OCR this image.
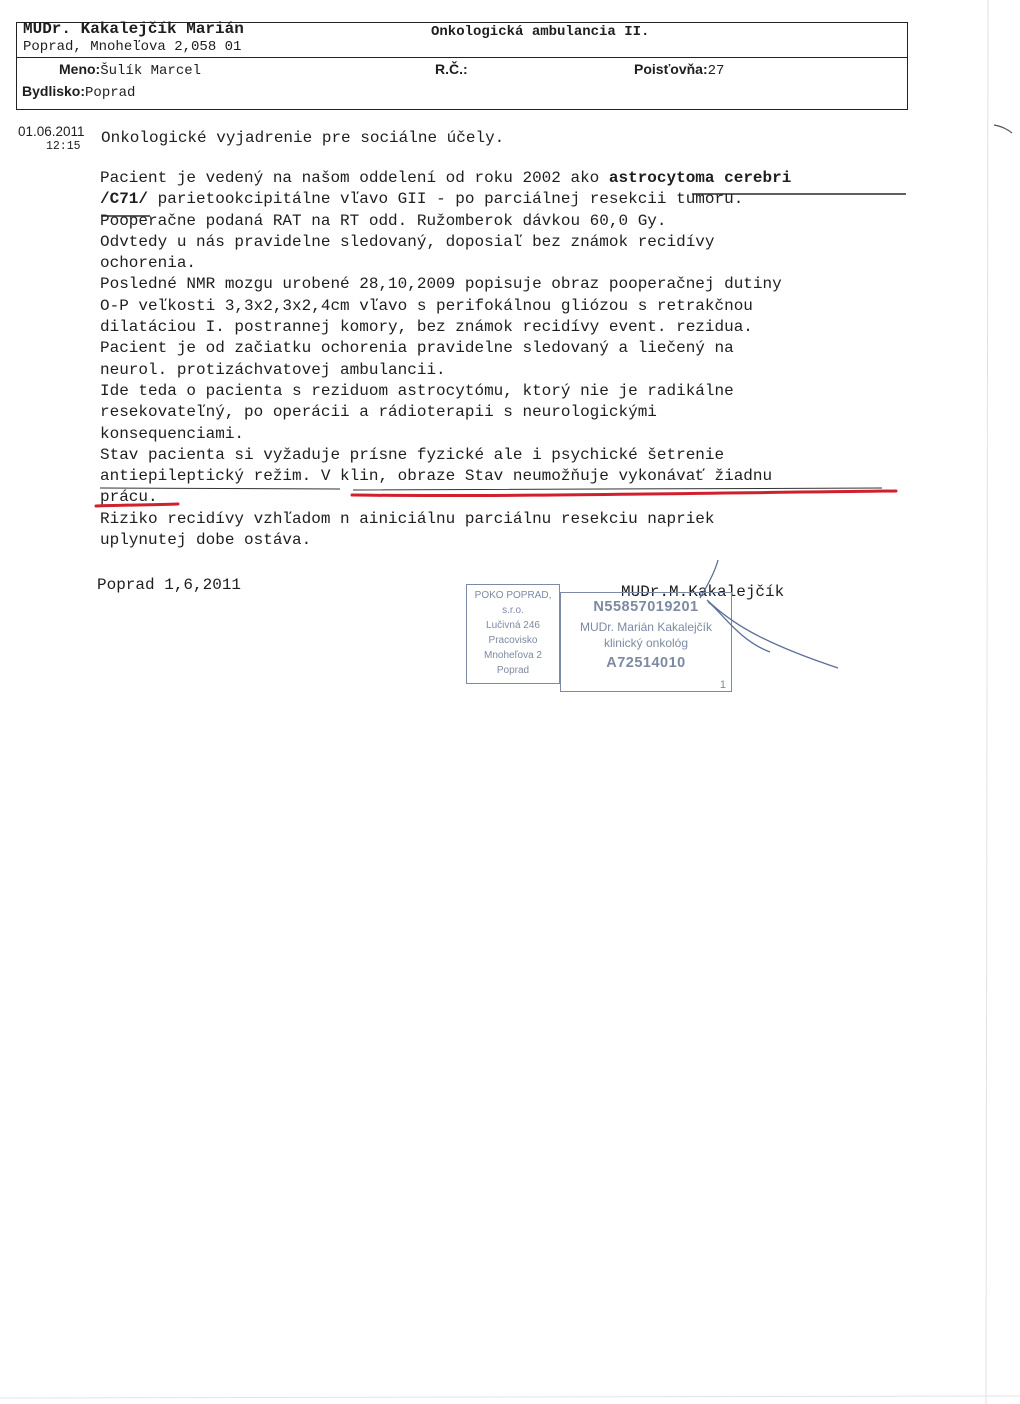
MUDr. Kakalejčík Marián
Poprad, Mnoheľova 2,058 01
Onkologická ambulancia II.
Meno:Šulík Marcel	R.Č.:	Poisťovňa:27
Bydlisko:Poprad
01.06.2011
12:15 Onkologické vyjadrenie pre sociálne účely.
Pacient je vedený na našom oddelení od roku 2002 ako astrocytoma cerebri
/C71/ parietookcipitálne vľavo GII - po parciálnej resekcii tumoru.
Pooperačne podaná RAT na RT odd. Ružomberok dávkou 60,0 Gy.
Odvtedy u nás pravidelne sledovaný, doposiaľ bez známok recidívy
ochorenia.
Posledné NMR mozgu urobené 28,10,2009 popisuje obraz pooperačnej dutiny
O-P veľkosti 3,3x2,3x2,4cm vľavo s perifokálnou gliózou s retrakčnou
dilatáciou I. postrannej komory, bez známok recidívy event. rezidua.
Pacient je od začiatku ochorenia pravidelne sledovaný a liečený na
neurol. protizáchvatovej ambulancii.
Ide teda o pacienta s reziduom astrocytómu, ktorý nie je radikálne
resekovateľný, po operácii a rádioterapii s neurologickými
konsequenciami.
Stav pacienta si vyžaduje prísne fyzické ale i psychické šetrenie
antiepileptický režim. V klin, obraze Stav neumožňuje vykonávať žiadnu
prácu.
Riziko recidívy vzhľadom n ainiciálnu parciálnu resekciu napriek
uplynutej dobe ostáva.
Poprad 1,6,2011	MUDr.M.Kakalejčík
POKO POPRAD,
s.r.o.
Lučivná 246
Pracovisko
Mnoheľova 2
Poprad
N55857019201
MUDr. Marián Kakalejčík
klinický onkológ
A72514010
1
